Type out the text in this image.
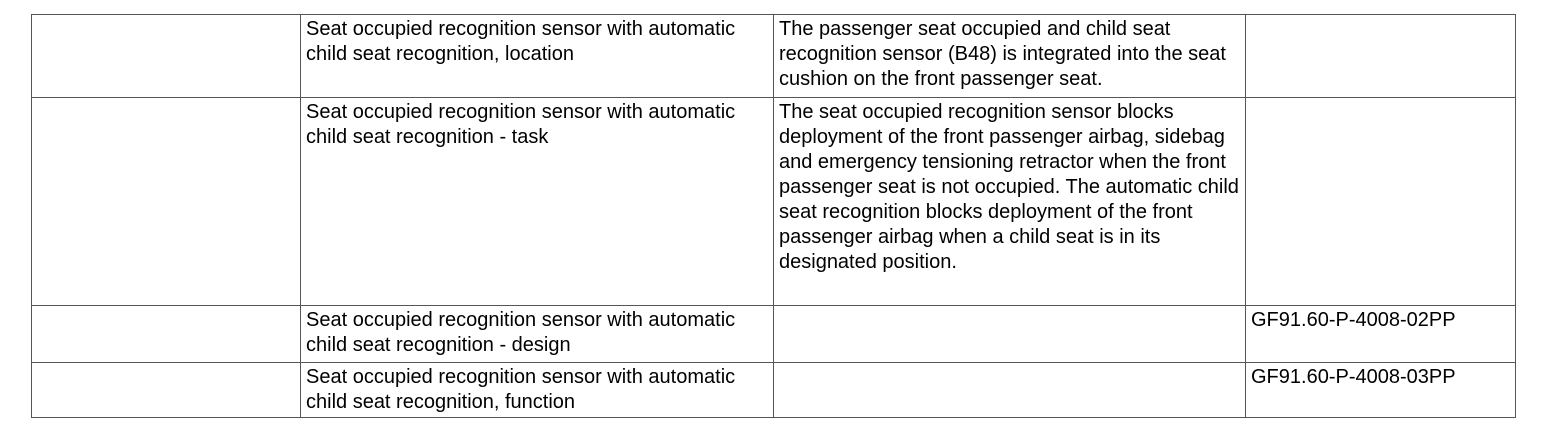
	Seat occupied recognition sensor with automatic child seat recognition, location	The passenger seat occupied and child seat recognition sensor (B48) is integrated into the seat cushion on the front passenger seat.	

	Seat occupied recognition sensor with automatic child seat recognition - task	The seat occupied recognition sensor blocks deployment of the front passenger airbag, sidebag and emergency tensioning retractor when the front passenger seat is not occupied. The automatic child seat recognition blocks deployment of the front passenger airbag when a child seat is in its designated position.	

	Seat occupied recognition sensor with automatic child seat recognition - design		GF91.60-P-4008-02PP

	Seat occupied recognition sensor with automatic child seat recognition, function		GF91.60-P-4008-03PP
